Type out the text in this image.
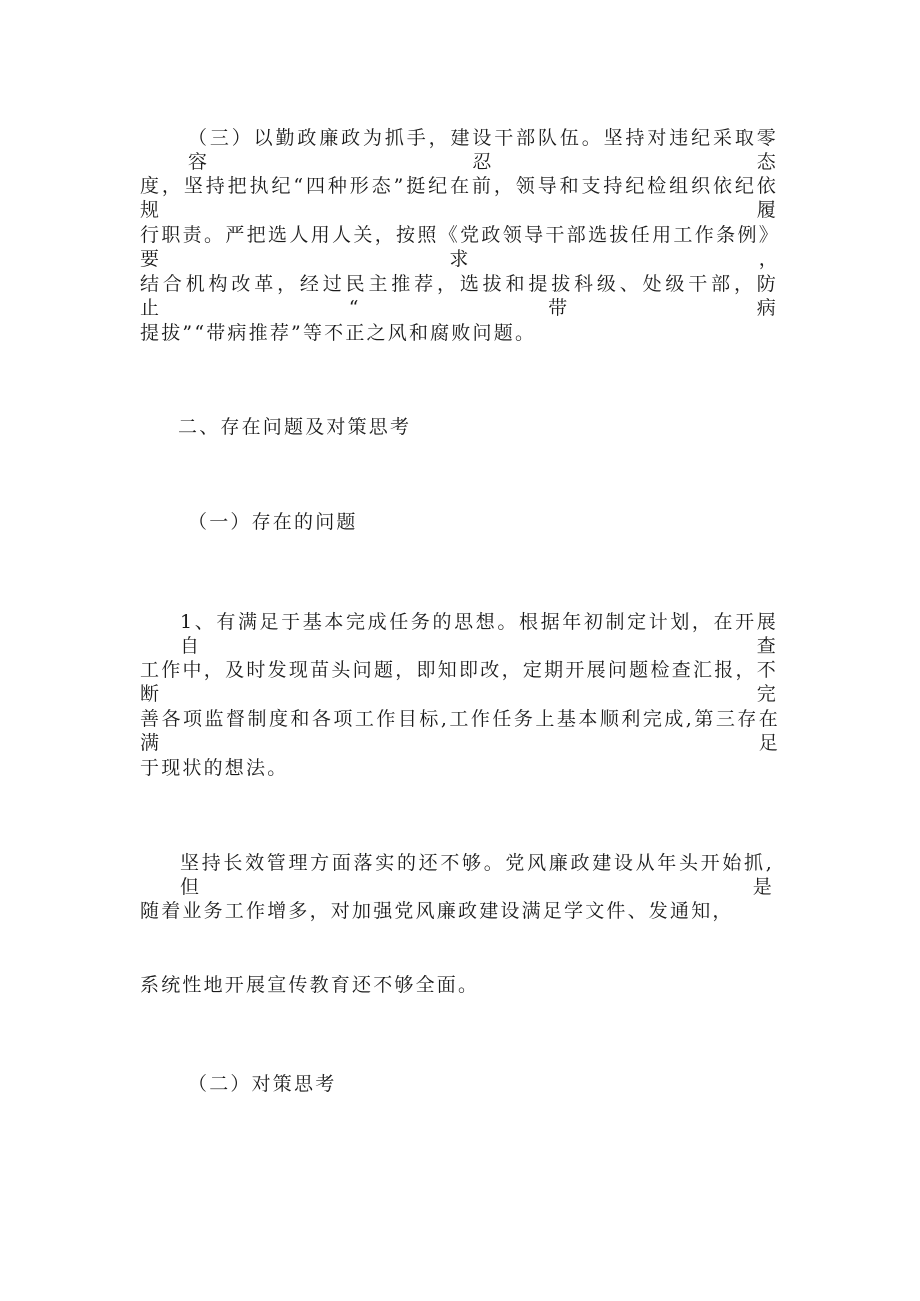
（三）以勤政廉政为抓手，建设干部队伍。坚持对违纪采取零容忍态
度，坚持把执纪“四种形态”挺纪在前，领导和支持纪检组织依纪依规履
行职责。严把选人用人关，按照《党政领导干部选拔任用工作条例》要求，
结合机构改革，经过民主推荐，选拔和提拔科级、处级干部，防止“带病
提拔”“带病推荐”等不正之风和腐败问题。
二、存在问题及对策思考
（一）存在的问题
1、有满足于基本完成任务的思想。根据年初制定计划，在开展自查
工作中，及时发现苗头问题，即知即改，定期开展问题检查汇报，不断完
善各项监督制度和各项工作目标,工作任务上基本顺利完成,第三存在满足
于现状的想法。
坚持长效管理方面落实的还不够。党风廉政建设从年头开始抓,但是
随着业务工作增多，对加强党风廉政建设满足学文件、发通知，
系统性地开展宣传教育还不够全面。
（二）对策思考
